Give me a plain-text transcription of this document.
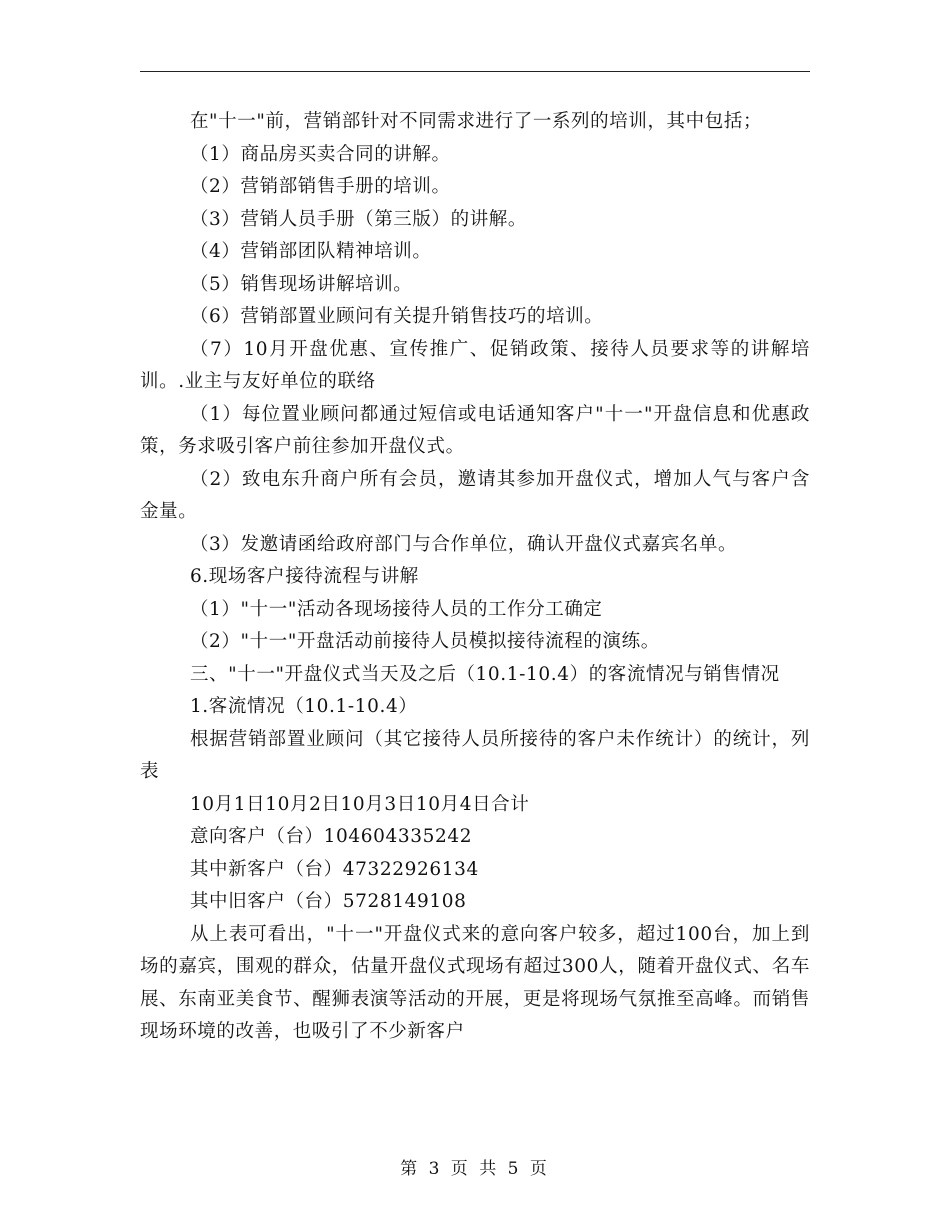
在"十一"前，营销部针对不同需求进行了一系列的培训，其中包括；

（1）商品房买卖合同的讲解。

（2）营销部销售手册的培训。

（3）营销人员手册（第三版）的讲解。

（4）营销部团队精神培训。

（5）销售现场讲解培训。

（6）营销部置业顾问有关提升销售技巧的培训。

（7）10月开盘优惠、宣传推广、促销政策、接待人员要求等的讲解培训。.业主与友好单位的联络

（1）每位置业顾问都通过短信或电话通知客户"十一"开盘信息和优惠政策，务求吸引客户前往参加开盘仪式。

（2）致电东升商户所有会员，邀请其参加开盘仪式，增加人气与客户含金量。

（3）发邀请函给政府部门与合作单位，确认开盘仪式嘉宾名单。

6.现场客户接待流程与讲解

（1）"十一"活动各现场接待人员的工作分工确定

（2）"十一"开盘活动前接待人员模拟接待流程的演练。

三、"十一"开盘仪式当天及之后（10.1-10.4）的客流情况与销售情况

1.客流情况（10.1-10.4）

根据营销部置业顾问（其它接待人员所接待的客户未作统计）的统计，列表

10月1日10月2日10月3日10月4日合计

意向客户（台）104604335242

其中新客户（台）47322926134

其中旧客户（台）5728149108

从上表可看出，"十一"开盘仪式来的意向客户较多，超过100台，加上到场的嘉宾，围观的群众，估量开盘仪式现场有超过300人，随着开盘仪式、名车展、东南亚美食节、醒狮表演等活动的开展，更是将现场气氛推至高峰。而销售现场环境的改善，也吸引了不少新客户

第 3 页 共 5 页
